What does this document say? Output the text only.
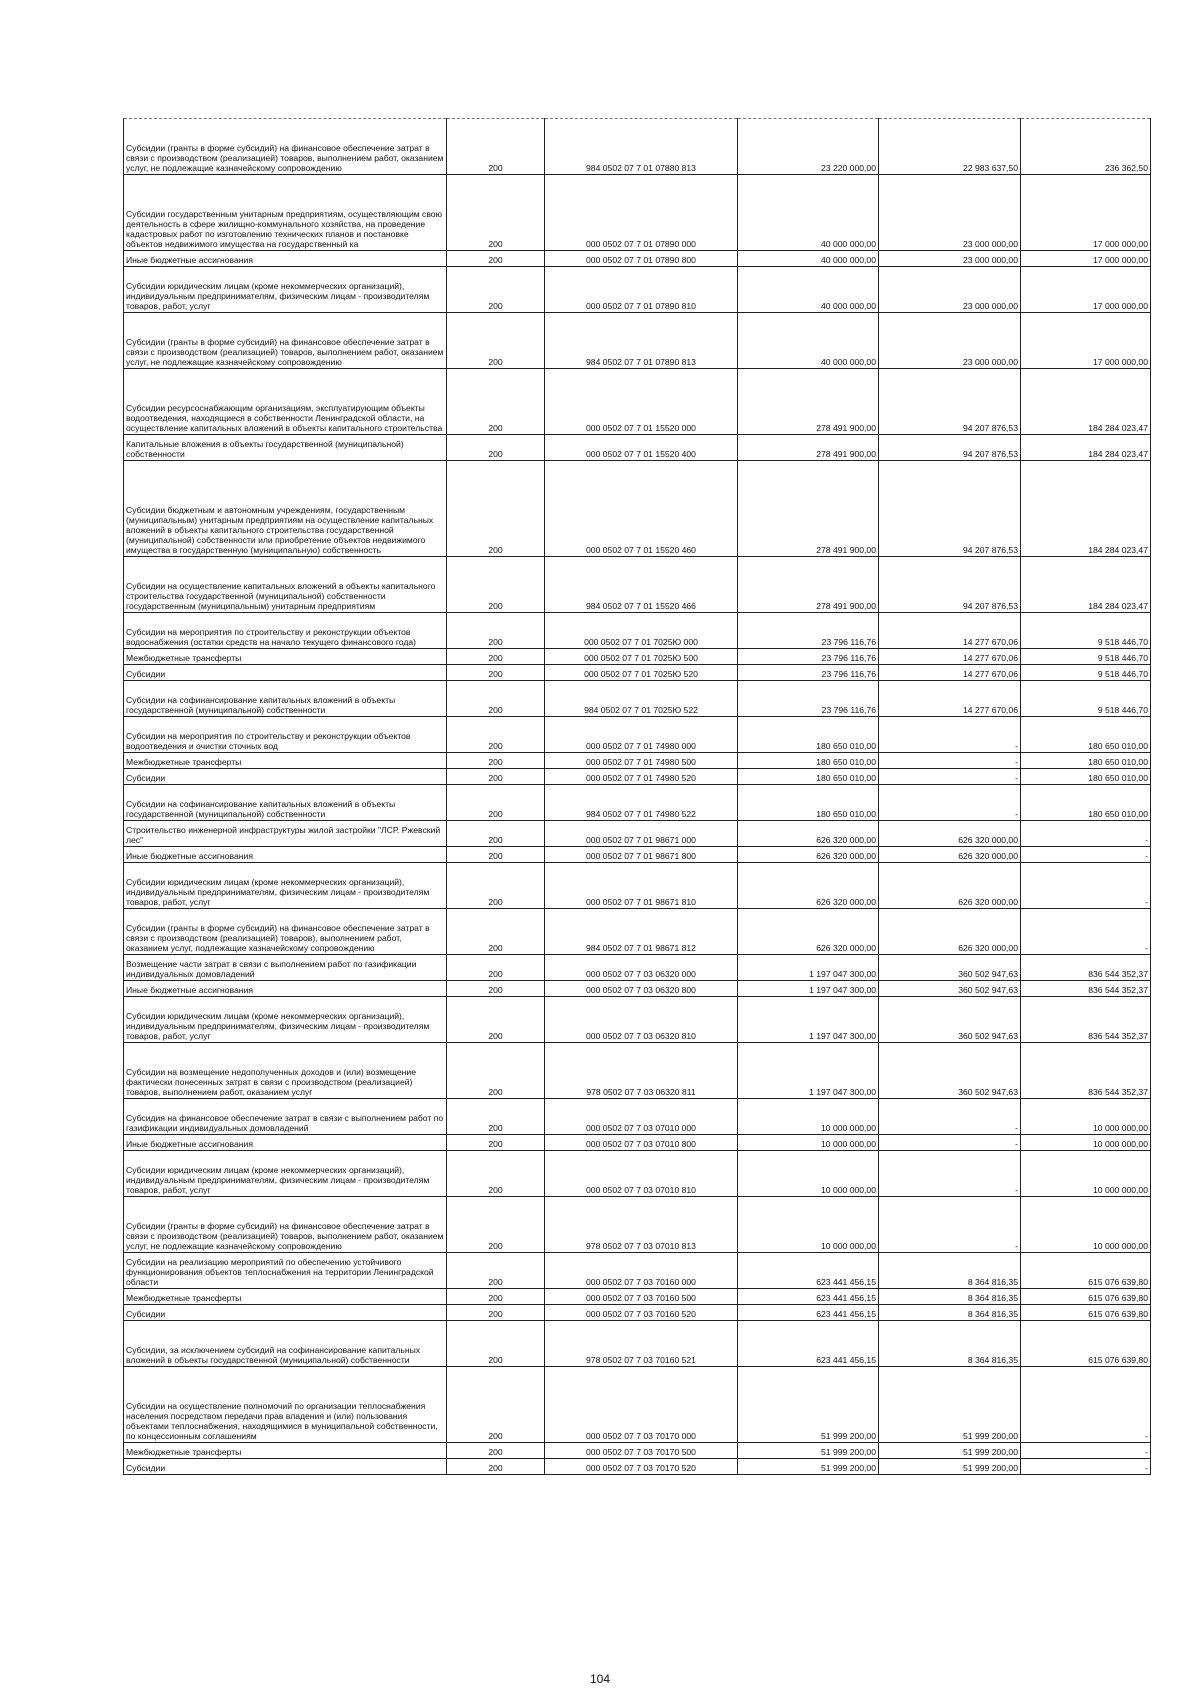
Субсидии (гранты в форме субсидий) на финансовое обеспечение затрат в связи с производством (реализацией) товаров, выполнением работ, оказанием услуг, не подлежащие казначейскому сопровождению	200	984 0502 07 7 01 07880 813	23 220 000,00	22 983 637,50	236 362,50
Субсидии государственным унитарным предприятиям, осуществляющим свою деятельность в сфере жилищно-коммунального хозяйства, на проведение кадастровых работ по изготовлению технических планов и постановке объектов недвижимого имущества на государственный ка	200	000 0502 07 7 01 07890 000	40 000 000,00	23 000 000,00	17 000 000,00
Иные бюджетные ассигнования	200	000 0502 07 7 01 07890 800	40 000 000,00	23 000 000,00	17 000 000,00
Субсидии юридическим лицам (кроме некоммерческих организаций), индивидуальным предпринимателям, физическим лицам - производителям товаров, работ, услуг	200	000 0502 07 7 01 07890 810	40 000 000,00	23 000 000,00	17 000 000,00
Субсидии (гранты в форме субсидий) на финансовое обеспечение затрат в связи с производством (реализацией) товаров, выполнением работ, оказанием услуг, не подлежащие казначейскому сопровождению	200	984 0502 07 7 01 07890 813	40 000 000,00	23 000 000,00	17 000 000,00
Субсидии ресурсоснабжающим организациям, эксплуатирующим объекты водоотведения, находящиеся в собственности Ленинградской области, на осуществление капитальных вложений в объекты капитального строительства	200	000 0502 07 7 01 15520 000	278 491 900,00	94 207 876,53	184 284 023,47
Капитальные вложения в объекты государственной (муниципальной) собственности	200	000 0502 07 7 01 15520 400	278 491 900,00	94 207 876,53	184 284 023,47
Субсидии бюджетным и автономным учреждениям, государственным (муниципальным) унитарным предприятиям на осуществление капитальных вложений в объекты капитального строительства государственной (муниципальной) собственности или приобретение объектов недвижимого имущества в государственную (муниципальную) собственность	200	000 0502 07 7 01 15520 460	278 491 900,00	94 207 876,53	184 284 023,47
Субсидии на осуществление капитальных вложений в объекты капитального строительства государственной (муниципальной) собственности государственным (муниципальным) унитарным предприятиям	200	984 0502 07 7 01 15520 466	278 491 900,00	94 207 876,53	184 284 023,47
Субсидии на мероприятия по строительству и реконструкции объектов водоснабжения (остатки средств на начало текущего финансового года)	200	000 0502 07 7 01 7025Ю 000	23 796 116,76	14 277 670,06	9 518 446,70
Межбюджетные трансферты	200	000 0502 07 7 01 7025Ю 500	23 796 116,76	14 277 670,06	9 518 446,70
Субсидии	200	000 0502 07 7 01 7025Ю 520	23 796 116,76	14 277 670,06	9 518 446,70
Субсидии на софинансирование капитальных вложений в объекты государственной (муниципальной) собственности	200	984 0502 07 7 01 7025Ю 522	23 796 116,76	14 277 670,06	9 518 446,70
Субсидии на мероприятия по строительству и реконструкции объектов водоотведения и очистки сточных вод	200	000 0502 07 7 01 74980 000	180 650 010,00	-	180 650 010,00
Межбюджетные трансферты	200	000 0502 07 7 01 74980 500	180 650 010,00	-	180 650 010,00
Субсидии	200	000 0502 07 7 01 74980 520	180 650 010,00	-	180 650 010,00
Субсидии на софинансирование капитальных вложений в объекты государственной (муниципальной) собственности	200	984 0502 07 7 01 74980 522	180 650 010,00	-	180 650 010,00
Строительство инженерной инфраструктуры жилой застройки "ЛСР. Ржевский лес"	200	000 0502 07 7 01 98671 000	626 320 000,00	626 320 000,00	-
Иные бюджетные ассигнования	200	000 0502 07 7 01 98671 800	626 320 000,00	626 320 000,00	-
Субсидии юридическим лицам (кроме некоммерческих организаций), индивидуальным предпринимателям, физическим лицам - производителям товаров, работ, услуг	200	000 0502 07 7 01 98671 810	626 320 000,00	626 320 000,00	-
Субсидии (гранты в форме субсидий) на финансовое обеспечение затрат в связи с производством (реализацией) товаров), выполнением работ, оказанием услуг, подлежащие казначейскому сопровождению	200	984 0502 07 7 01 98671 812	626 320 000,00	626 320 000,00	-
Возмещение части затрат в связи с выполнением работ по газификации индивидуальных домовладений	200	000 0502 07 7 03 06320 000	1 197 047 300,00	360 502 947,63	836 544 352,37
Иные бюджетные ассигнования	200	000 0502 07 7 03 06320 800	1 197 047 300,00	360 502 947,63	836 544 352,37
Субсидии юридическим лицам (кроме некоммерческих организаций), индивидуальным предпринимателям, физическим лицам - производителям товаров, работ, услуг	200	000 0502 07 7 03 06320 810	1 197 047 300,00	360 502 947,63	836 544 352,37
Субсидии на возмещение недополученных доходов и (или) возмещение фактически понесенных затрат в связи с производством (реализацией) товаров, выполнением работ, оказанием услуг	200	978 0502 07 7 03 06320 811	1 197 047 300,00	360 502 947,63	836 544 352,37
Субсидия на финансовое обеспечение затрат в связи с выполнением работ по газификации индивидуальных домовладений	200	000 0502 07 7 03 07010 000	10 000 000,00	-	10 000 000,00
Иные бюджетные ассигнования	200	000 0502 07 7 03 07010 800	10 000 000,00	-	10 000 000,00
Субсидии юридическим лицам (кроме некоммерческих организаций), индивидуальным предпринимателям, физическим лицам - производителям товаров, работ, услуг	200	000 0502 07 7 03 07010 810	10 000 000,00	-	10 000 000,00
Субсидии (гранты в форме субсидий) на финансовое обеспечение затрат в связи с производством (реализацией) товаров, выполнением работ, оказанием услуг, не подлежащие казначейскому сопровождению	200	978 0502 07 7 03 07010 813	10 000 000,00	-	10 000 000,00
Субсидии на реализацию мероприятий по обеспечению устойчивого функционирования объектов теплоснабжения на территории Ленинградской области	200	000 0502 07 7 03 70160 000	623 441 456,15	8 364 816,35	615 076 639,80
Межбюджетные трансферты	200	000 0502 07 7 03 70160 500	623 441 456,15	8 364 816,35	615 076 639,80
Субсидии	200	000 0502 07 7 03 70160 520	623 441 456,15	8 364 816,35	615 076 639,80
Субсидии, за исключением субсидий на софинансирование капитальных вложений в объекты государственной (муниципальной) собственности	200	978 0502 07 7 03 70160 521	623 441 456,15	8 364 816,35	615 076 639,80
Субсидии на осуществление полномочий по организации теплоснабжения населения посредством передачи прав владения и (или) пользования объектами теплоснабжения, находящимися в муниципальной собственности, по концессионным соглашениям	200	000 0502 07 7 03 70170 000	51 999 200,00	51 999 200,00	-
Межбюджетные трансферты	200	000 0502 07 7 03 70170 500	51 999 200,00	51 999 200,00	-
Субсидии	200	000 0502 07 7 03 70170 520	51 999 200,00	51 999 200,00	-
104
